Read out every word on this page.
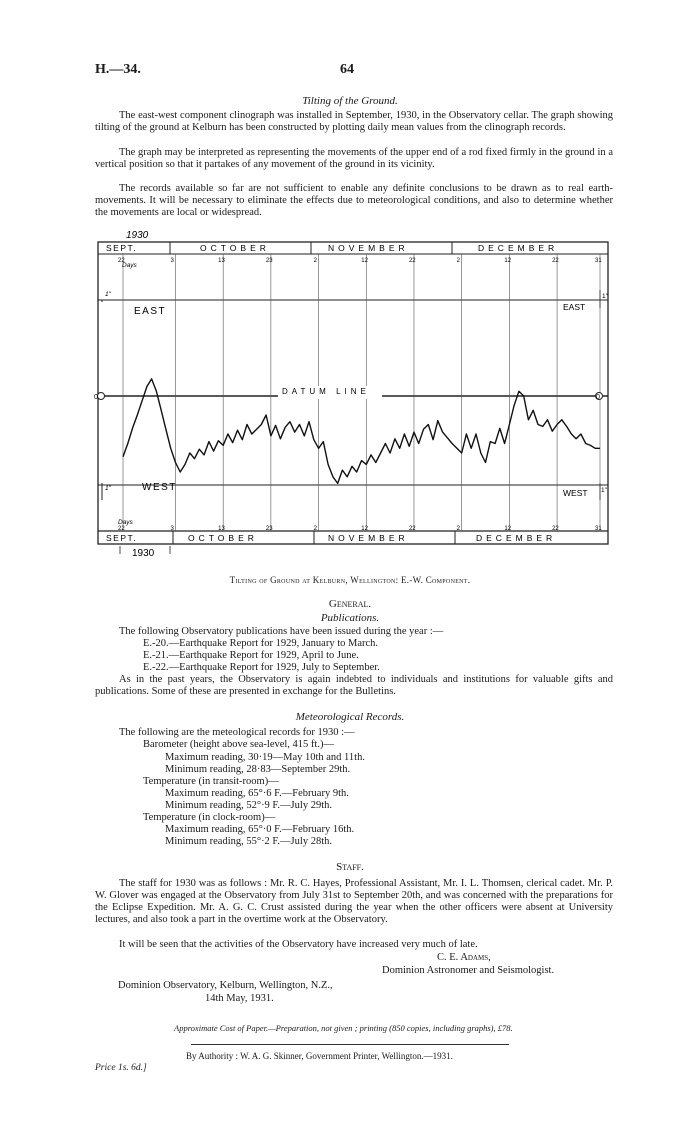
H.—34.	64
Tilting of the Ground.

The east-west component clinograph was installed in September, 1930, in the Observatory cellar. The graph showing tilting of the ground at Kelburn has been constructed by plotting daily mean values from the clinograph records.

The graph may be interpreted as representing the movements of the upper end of a rod fixed firmly in the ground in a vertical position so that it partakes of any movement of the ground in its vicinity.

The records available so far are not sufficient to enable any definite conclusions to be drawn as to real earth-movements. It will be necessary to eliminate the effects due to meteorological conditions, and also to determine whether the movements are local or widespread.

22	3	13	23	2	12	22	2	12	22	31
22	3	13	23	2	12	22	2	12	22	31
1930
1930
SEPT.	OCTOBER	NOVEMBER	DECEMBER
SEPT.	OCTOBER	NOVEMBER	DECEMBER
Days
Days
EAST
WEST
EAST
WEST
1"
1"
1"
1"
DATUM LINE
0	0
Tilting of Ground at Kelburn, Wellington: E.-W. Component.
General.
Publications.
The following Observatory publications have been issued during the year :—
E.-20.—Earthquake Report for 1929, January to March.
E.-21.—Earthquake Report for 1929, April to June.
E.-22.—Earthquake Report for 1929, July to September.

As in the past years, the Observatory is again indebted to individuals and institutions for valuable gifts and publications. Some of these are presented in exchange for the Bulletins.

Meteorological Records.
The following are the meteological records for 1930 :—
Barometer (height above sea-level, 415 ft.)—
Maximum reading, 30·19—May 10th and 11th.
Minimum reading, 28·83—September 29th.
Temperature (in transit-room)—
Maximum reading, 65°·6 F.—February 9th.
Minimum reading, 52°·9 F.—July 29th.
Temperature (in clock-room)—
Maximum reading, 65°·0 F.—February 16th.
Minimum reading, 55°·2 F.—July 28th.
Staff.

The staff for 1930 was as follows : Mr. R. C. Hayes, Professional Assistant, Mr. I. L. Thomsen, clerical cadet. Mr. P. W. Glover was engaged at the Observatory from July 31st to September 20th, and was concerned with the preparations for the Eclipse Expedition. Mr. A. G. C. Crust assisted during the year when the other officers were absent at University lectures, and also took a part in the overtime work at the Observatory.

It will be seen that the activities of the Observatory have increased very much of late.

C. E. Adams,
Dominion Astronomer and Seismologist.
Dominion Observatory, Kelburn, Wellington, N.Z.,
14th May, 1931.
Approximate Cost of Paper.—Preparation, not given ; printing (850 copies, including graphs), £78.
By Authority : W. A. G. Skinner, Government Printer, Wellington.—1931.
Price 1s. 6d.]
